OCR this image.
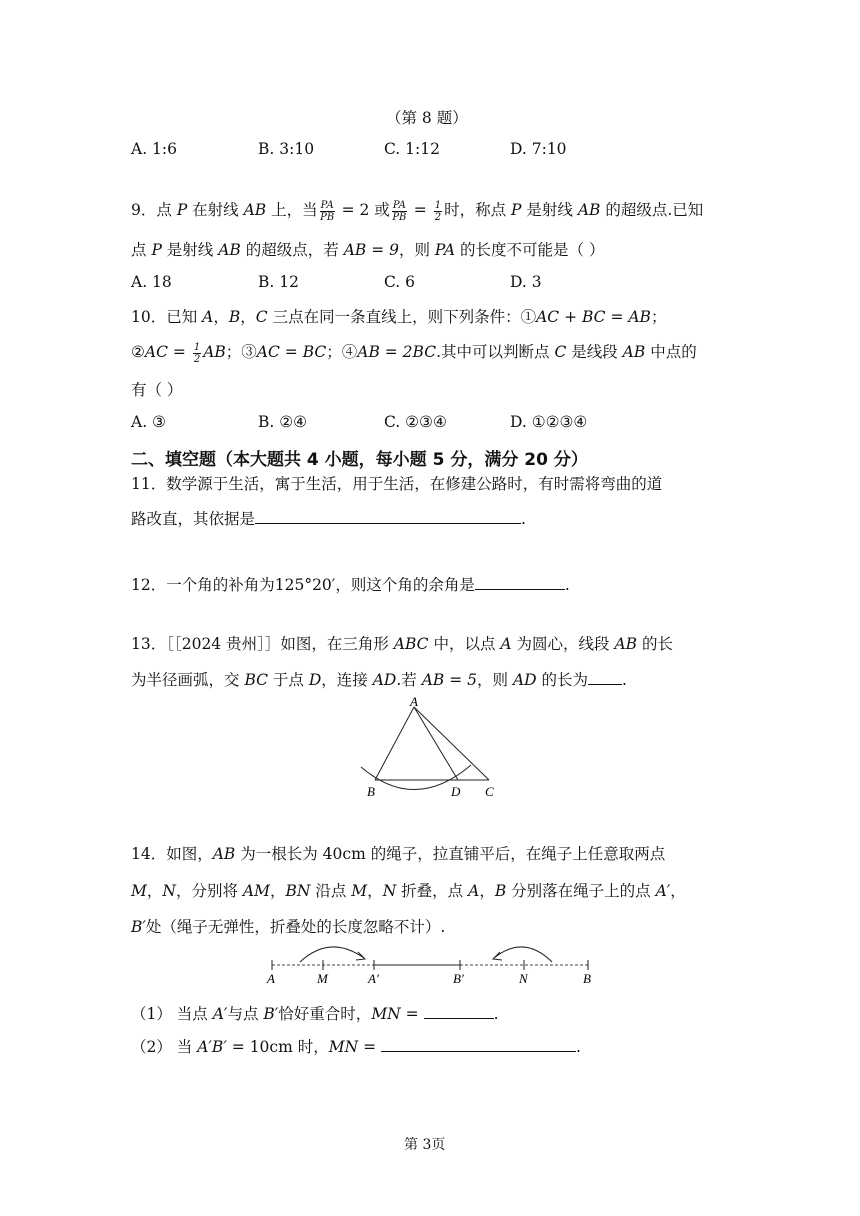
（第 8 题）
A. 1:6	B. 3:10	C. 1:12	D. 7:10
9．点 P 在射线 AB 上，当 $\frac{PA}{PB} = 2$ 或 $\frac{PA}{PB} = \frac{1}{2}$ 时，称点 P 是射线 AB 的超级点.已知
点 P 是射线 AB 的超级点，若 AB = 9，则 PA 的长度不可能是（ ）
A. 18	B. 12	C. 6	D. 3
10．已知 A，B，C 三点在同一条直线上，则下列条件：①AC + BC = AB；
②AC = $\frac{1}{2}$ AB；③AC = BC；④AB = 2BC.其中可以判断点 C 是线段 AB 中点的
有（ ）
A. ③	B. ②④	C. ②③④	D. ①②③④
二、填空题（本大题共 4 小题，每小题 5 分，满分 20 分）
11．数学源于生活，寓于生活，用于生活，在修建公路时，有时需将弯曲的道
路改直，其依据是	.
12．一个角的补角为125°20′，则这个角的余角是	.
13．［［2024 贵州］］如图，在三角形 ABC 中，以点 A 为圆心，线段 AB 的长
为半径画弧，交 BC 于点 D，连接 AD.若 AB = 5，则 AD 的长为 .
A
B	D C
14．如图，AB 为一根长为 40cm 的绳子，拉直铺平后，在绳子上任意取两点
M，N，分别将 AM，BN 沿点 M，N 折叠，点 A，B 分别落在绳子上的点 A′，
B′处（绳子无弹性，折叠处的长度忽略不计）.
A	M	A′	B′	N	B
（1） 当点 A′与点 B′恰好重合时，MN =	.
（2） 当 A′B′ = 10cm 时，MN =	.
第 3页
